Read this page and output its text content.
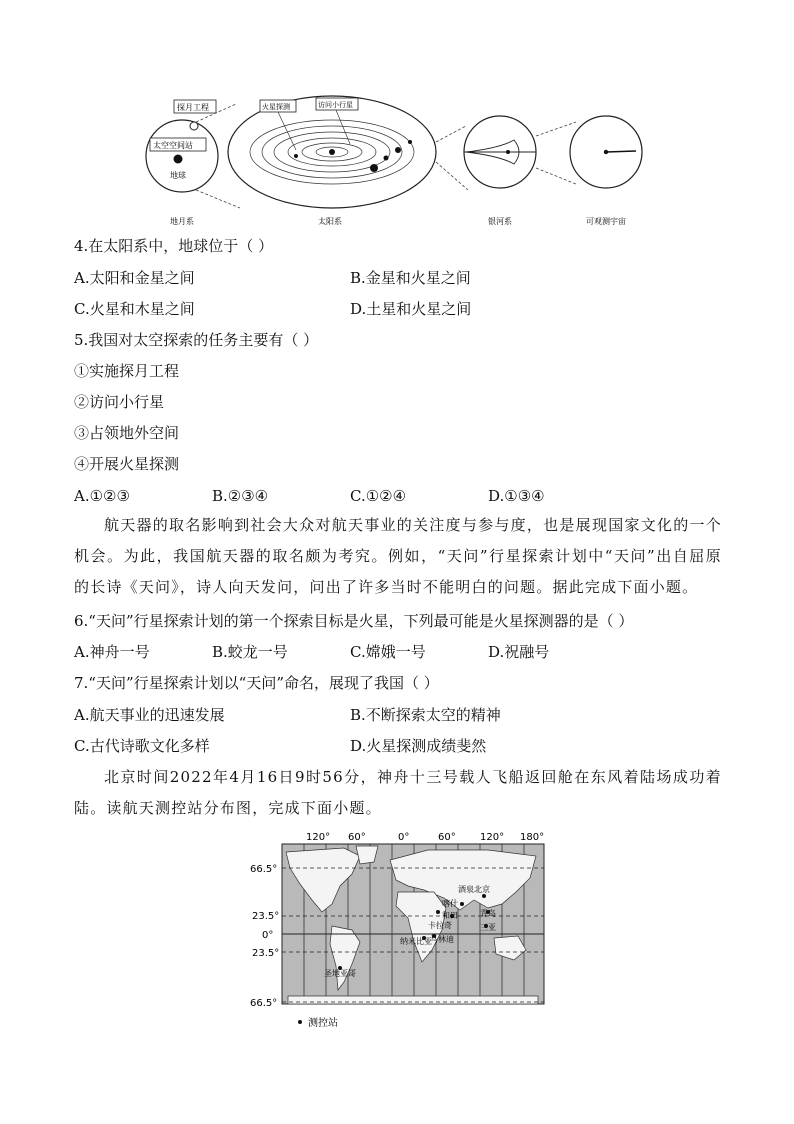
探月工程
太空空间站
地球
火星探测	访问小行星
地月系	太阳系	银河系	可观测宇宙
4.在太阳系中，地球位于（ ）
A.太阳和金星之间	B.金星和火星之间
C.火星和木星之间	D.土星和火星之间
5.我国对太空探索的任务主要有（ ）
①实施探月工程
②访问小行星
③占领地外空间
④开展火星探测
A.①②③	B.②③④	C.①②④	D.①③④
航天器的取名影响到社会大众对航天事业的关注度与参与度，也是展现国家文化的一个机会。为此，我国航天器的取名颇为考究。例如，“天问”行星探索计划中“天问”出自屈原的长诗《天问》，诗人向天发问，问出了许多当时不能明白的问题。据此完成下面小题。
6.“天问”行星探索计划的第一个探索目标是火星，下列最可能是火星探测器的是（ ）
A.神舟一号	B.蛟龙一号	C.嫦娥一号	D.祝融号
7.“天问”行星探索计划以“天问”命名，展现了我国（ ）
A.航天事业的迅速发展	B.不断探索太空的精神
C.古代诗歌文化多样	D.火星探测成绩斐然
北京时间2022年4月16日9时56分，神舟十三号载人飞船返回舱在东风着陆场成功着陆。读航天测控站分布图，完成下面小题。
120° 60°	0°	60° 120° 180°
66.5°
23.5°
0°
23.5°
66.5°
酒泉北京
喀什
和田	青岛
卡拉奇	三亚
马林迪
纳米比亚
圣地亚哥
测控站
